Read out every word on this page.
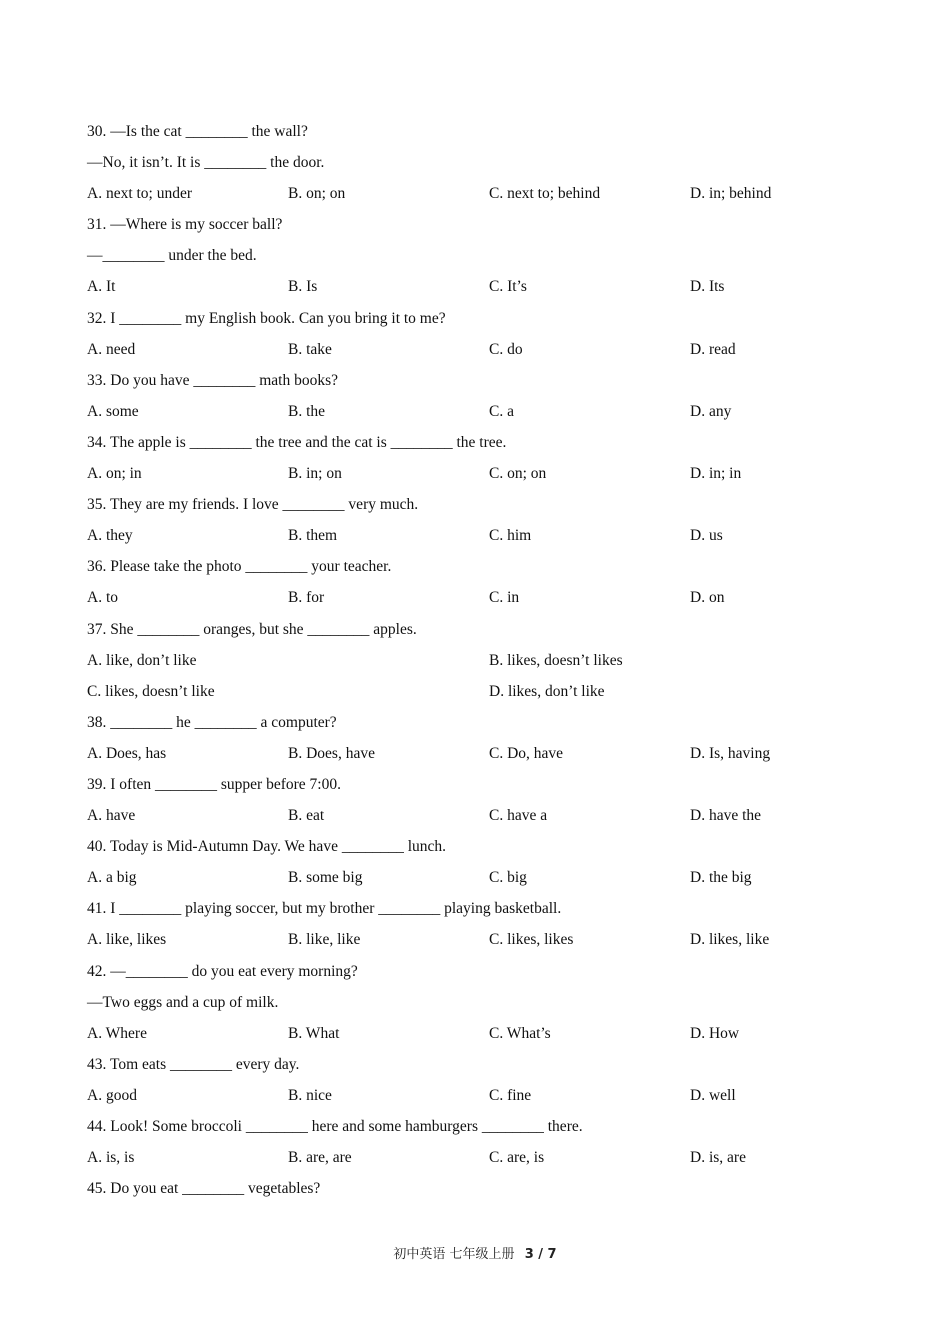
30. —Is the cat ________ the wall?
—No, it isn’t. It is ________ the door.
A. next to; under	B. on; on	C. next to; behind	D. in; behind
31. —Where is my soccer ball?
—________ under the bed.
A. It	B. Is	C. It’s	D. Its
32. I ________ my English book. Can you bring it to me?
A. need	B. take	C. do	D. read
33. Do you have ________ math books?
A. some	B. the	C. a	D. any
34. The apple is ________ the tree and the cat is ________ the tree.
A. on; in	B. in; on	C. on; on	D. in; in
35. They are my friends. I love ________ very much.
A. they	B. them	C. him	D. us
36. Please take the photo ________ your teacher.
A. to	B. for	C. in	D. on
37. She ________ oranges, but she ________ apples.
A. like, don’t like	B. likes, doesn’t likes
C. likes, doesn’t like	D. likes, don’t like
38. ________ he ________ a computer?
A. Does, has	B. Does, have	C. Do, have	D. Is, having
39. I often ________ supper before 7:00.
A. have	B. eat	C. have a	D. have the
40. Today is Mid-Autumn Day. We have ________ lunch.
A. a big	B. some big	C. big	D. the big
41. I ________ playing soccer, but my brother ________ playing basketball.
A. like, likes	B. like, like	C. likes, likes	D. likes, like
42. —________ do you eat every morning?
—Two eggs and a cup of milk.
A. Where	B. What	C. What’s	D. How
43. Tom eats ________ every day.
A. good	B. nice	C. fine	D. well
44. Look! Some broccoli ________ here and some hamburgers ________ there.
A. is, is	B. are, are	C. are, is	D. is, are
45. Do you eat ________ vegetables?
初中英语 七年级上册 3 / 7
